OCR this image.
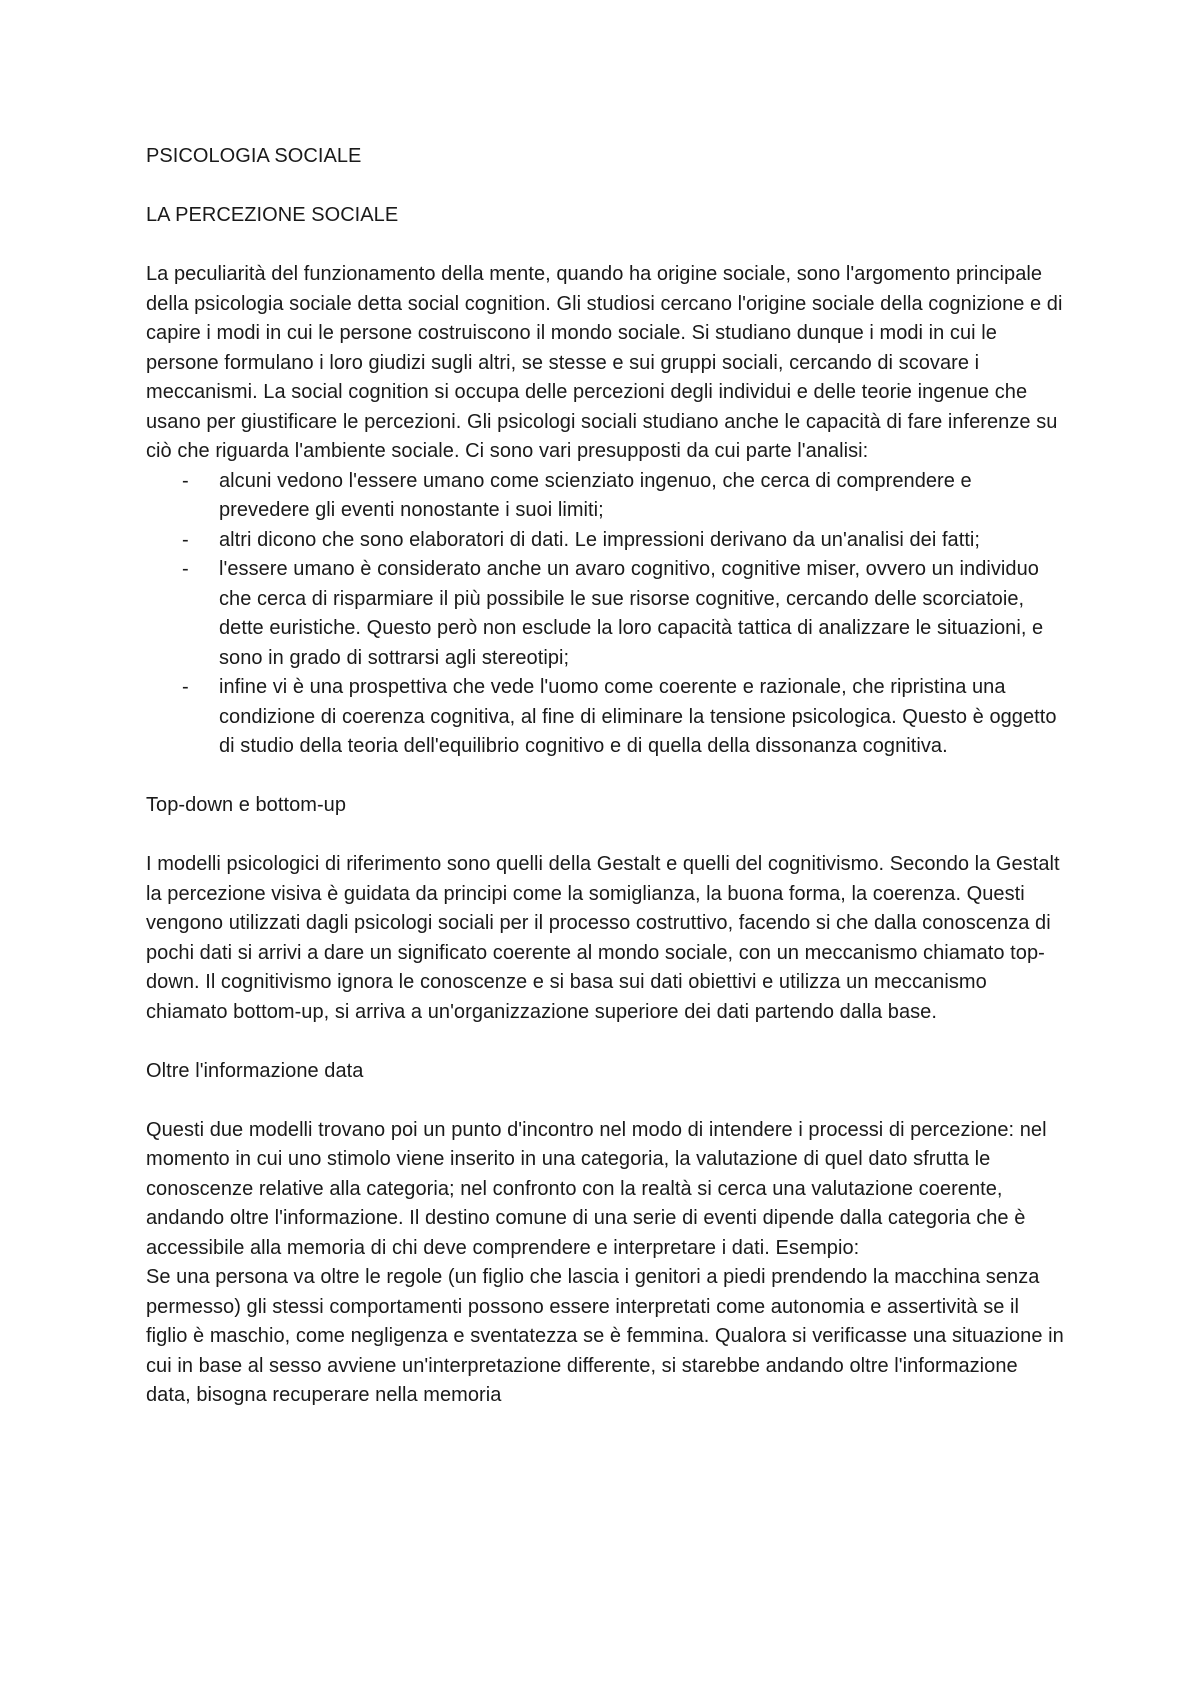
PSICOLOGIA SOCIALE

LA PERCEZIONE SOCIALE

La peculiarità del funzionamento della mente, quando ha origine sociale, sono l'argomento principale della psicologia sociale detta social cognition. Gli studiosi cercano l'origine sociale della cognizione e di capire i modi in cui le persone costruiscono il mondo sociale. Si studiano dunque i modi in cui le persone formulano i loro giudizi sugli altri, se stesse e sui gruppi sociali, cercando di scovare i meccanismi. La social cognition si occupa delle percezioni degli individui e delle teorie ingenue che usano per giustificare le percezioni. Gli psicologi sociali studiano anche le capacità di fare inferenze su ciò che riguarda l'ambiente sociale. Ci sono vari presupposti da cui parte l'analisi:

- alcuni vedono l'essere umano come scienziato ingenuo, che cerca di comprendere e prevedere gli eventi nonostante i suoi limiti;
- altri dicono che sono elaboratori di dati. Le impressioni derivano da un'analisi dei fatti;
- l'essere umano è considerato anche un avaro cognitivo, cognitive miser, ovvero un individuo che cerca di risparmiare il più possibile le sue risorse cognitive, cercando delle scorciatoie, dette euristiche. Questo però non esclude la loro capacità tattica di analizzare le situazioni, e sono in grado di sottrarsi agli stereotipi;
- infine vi è una prospettiva che vede l'uomo come coerente e razionale, che ripristina una condizione di coerenza cognitiva, al fine di eliminare la tensione psicologica. Questo è oggetto di studio della teoria dell'equilibrio cognitivo e di quella della dissonanza cognitiva.

Top-down e bottom-up

I modelli psicologici di riferimento sono quelli della Gestalt e quelli del cognitivismo. Secondo la Gestalt la percezione visiva è guidata da principi come la somiglianza, la buona forma, la coerenza. Questi vengono utilizzati dagli psicologi sociali per il processo costruttivo, facendo si che dalla conoscenza di pochi dati si arrivi a dare un significato coerente al mondo sociale, con un meccanismo chiamato top-down. Il cognitivismo ignora le conoscenze e si basa sui dati obiettivi e utilizza un meccanismo chiamato bottom-up, si arriva a un'organizzazione superiore dei dati partendo dalla base.

Oltre l'informazione data

Questi due modelli trovano poi un punto d'incontro nel modo di intendere i processi di percezione: nel momento in cui uno stimolo viene inserito in una categoria, la valutazione di quel dato sfrutta le conoscenze relative alla categoria; nel confronto con la realtà si cerca una valutazione coerente, andando oltre l'informazione. Il destino comune di una serie di eventi dipende dalla categoria che è accessibile alla memoria di chi deve comprendere e interpretare i dati. Esempio:

Se una persona va oltre le regole (un figlio che lascia i genitori a piedi prendendo la macchina senza permesso) gli stessi comportamenti possono essere interpretati come autonomia e assertività se il figlio è maschio, come negligenza e sventatezza se è femmina. Qualora si verificasse una situazione in cui in base al sesso avviene un'interpretazione differente, si starebbe andando oltre l'informazione data, bisogna recuperare nella memoria
